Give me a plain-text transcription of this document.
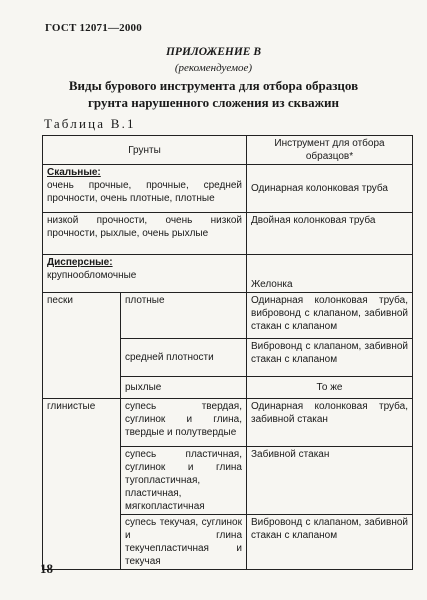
ГОСТ 12071—2000
ПРИЛОЖЕНИЕ В
(рекомендуемое)
Виды бурового инструмента для отбора образцов
грунта нарушенного сложения из скважин
Таблица В.1
Грунты		Инструмент для отбора образцов*

Скальные:
очень прочные, прочные, средней прочности, очень плотные, плотные		Одинарная колонковая труба

низкой прочности, очень низкой прочности, рыхлые, очень рыхлые		Двойная колонковая труба

Дисперсные:
крупнообломочные		Желонка
пески	плотные	Одинарная колонковая труба, вибровонд с клапаном, забивной стакан с клапаном
	средней плотности	Вибровонд с клапаном, забивной стакан с клапаном
	рыхлые	То же
глинистые	супесь твердая, суглинок и глина, твердые и полутвердые	Одинарная колонковая труба, забивной стакан
	супесь пластичная, суглинок и глина тугопластичная, пластичная, мягкопластичная	Забивной стакан
	супесь текучая, суглинок и глина текучепластичная и текучая	Вибровонд с клапаном, забивной стакан с клапаном
18
